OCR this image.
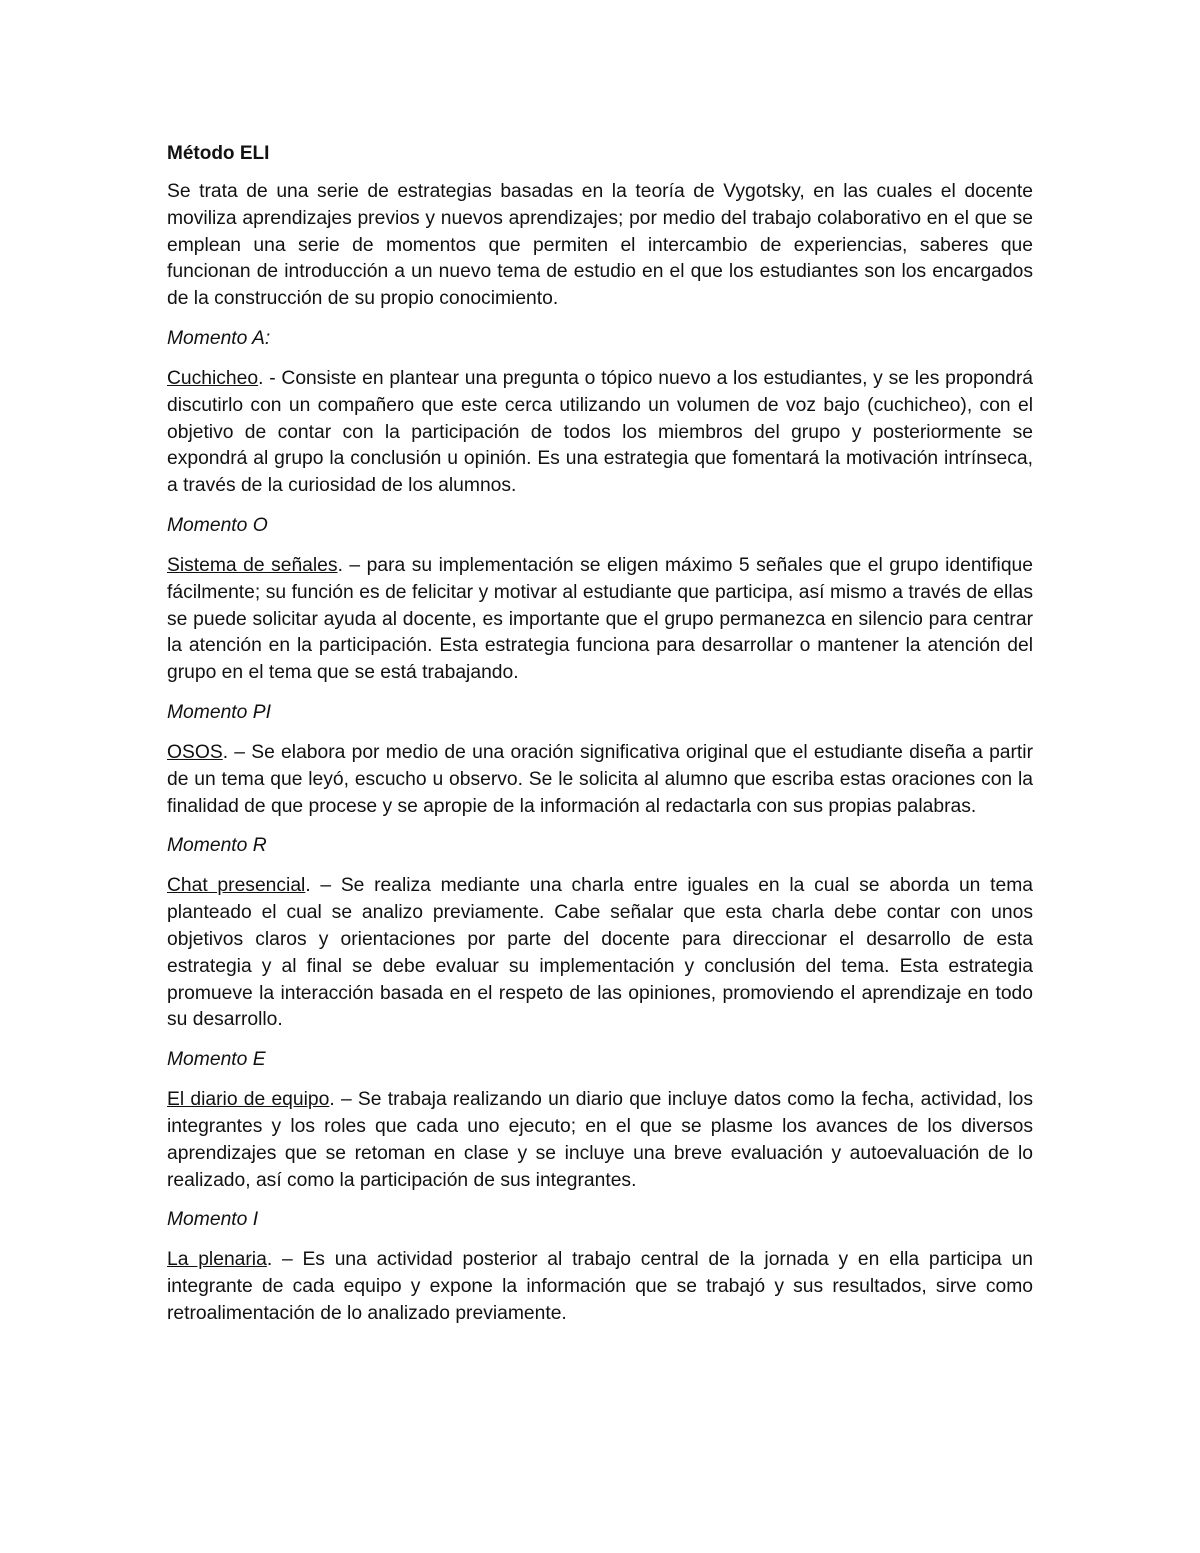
Método ELI

Se trata de una serie de estrategias basadas en la teoría de Vygotsky, en las cuales el docente moviliza aprendizajes previos y nuevos aprendizajes; por medio del trabajo colaborativo en el que se emplean una serie de momentos que permiten el intercambio de experiencias, saberes que funcionan de introducción a un nuevo tema de estudio en el que los estudiantes son los encargados de la construcción de su propio conocimiento.

Momento A:

Cuchicheo. - Consiste en plantear una pregunta o tópico nuevo a los estudiantes, y se les propondrá discutirlo con un compañero que este cerca utilizando un volumen de voz bajo (cuchicheo), con el objetivo de contar con la participación de todos los miembros del grupo y posteriormente se expondrá al grupo la conclusión u opinión. Es una estrategia que fomentará la motivación intrínseca, a través de la curiosidad de los alumnos.

Momento O

Sistema de señales. – para su implementación se eligen máximo 5 señales que el grupo identifique fácilmente; su función es de felicitar y motivar al estudiante que participa, así mismo a través de ellas se puede solicitar ayuda al docente, es importante que el grupo permanezca en silencio para centrar la atención en la participación. Esta estrategia funciona para desarrollar o mantener la atención del grupo en el tema que se está trabajando.

Momento PI

OSOS. – Se elabora por medio de una oración significativa original que el estudiante diseña a partir de un tema que leyó, escucho u observo. Se le solicita al alumno que escriba estas oraciones con la finalidad de que procese y se apropie de la información al redactarla con sus propias palabras.

Momento R

Chat presencial. – Se realiza mediante una charla entre iguales en la cual se aborda un tema planteado el cual se analizo previamente. Cabe señalar que esta charla debe contar con unos objetivos claros y orientaciones por parte del docente para direccionar el desarrollo de esta estrategia y al final se debe evaluar su implementación y conclusión del tema. Esta estrategia promueve la interacción basada en el respeto de las opiniones, promoviendo el aprendizaje en todo su desarrollo.

Momento E

El diario de equipo. – Se trabaja realizando un diario que incluye datos como la fecha, actividad, los integrantes y los roles que cada uno ejecuto; en el que se plasme los avances de los diversos aprendizajes que se retoman en clase y se incluye una breve evaluación y autoevaluación de lo realizado, así como la participación de sus integrantes.

Momento I

La plenaria. – Es una actividad posterior al trabajo central de la jornada y en ella participa un integrante de cada equipo y expone la información que se trabajó y sus resultados, sirve como retroalimentación de lo analizado previamente.
